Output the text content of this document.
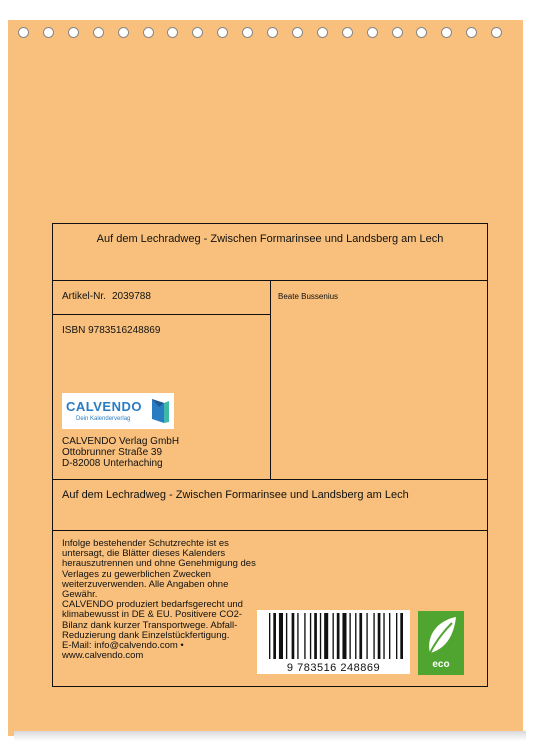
Auf dem Lechradweg - Zwischen Formarinsee und Landsberg am Lech
Artikel-Nr. 2039788	Beate Bussenius
ISBN 9783516248869
CALVENDO
Dein Kalenderverlag
CALVENDO Verlag GmbH
Ottobrunner Straße 39
D-82008 Unterhaching
Auf dem Lechradweg - Zwischen Formarinsee und Landsberg am Lech
Infolge bestehender Schutzrechte ist es
untersagt, die Blätter dieses Kalenders
herauszutrennen und ohne Genehmigung des
Verlages zu gewerblichen Zwecken
weiterzuverwenden. Alle Angaben ohne
Gewähr.
CALVENDO produziert bedarfsgerecht und
klimabewusst in DE & EU. Positivere CO2-
Bilanz dank kurzer Transportwege. Abfall-
Reduzierung dank Einzelstückfertigung.
E-Mail: info@calvendo.com •
www.calvendo.com
9 783516 248869	eco
